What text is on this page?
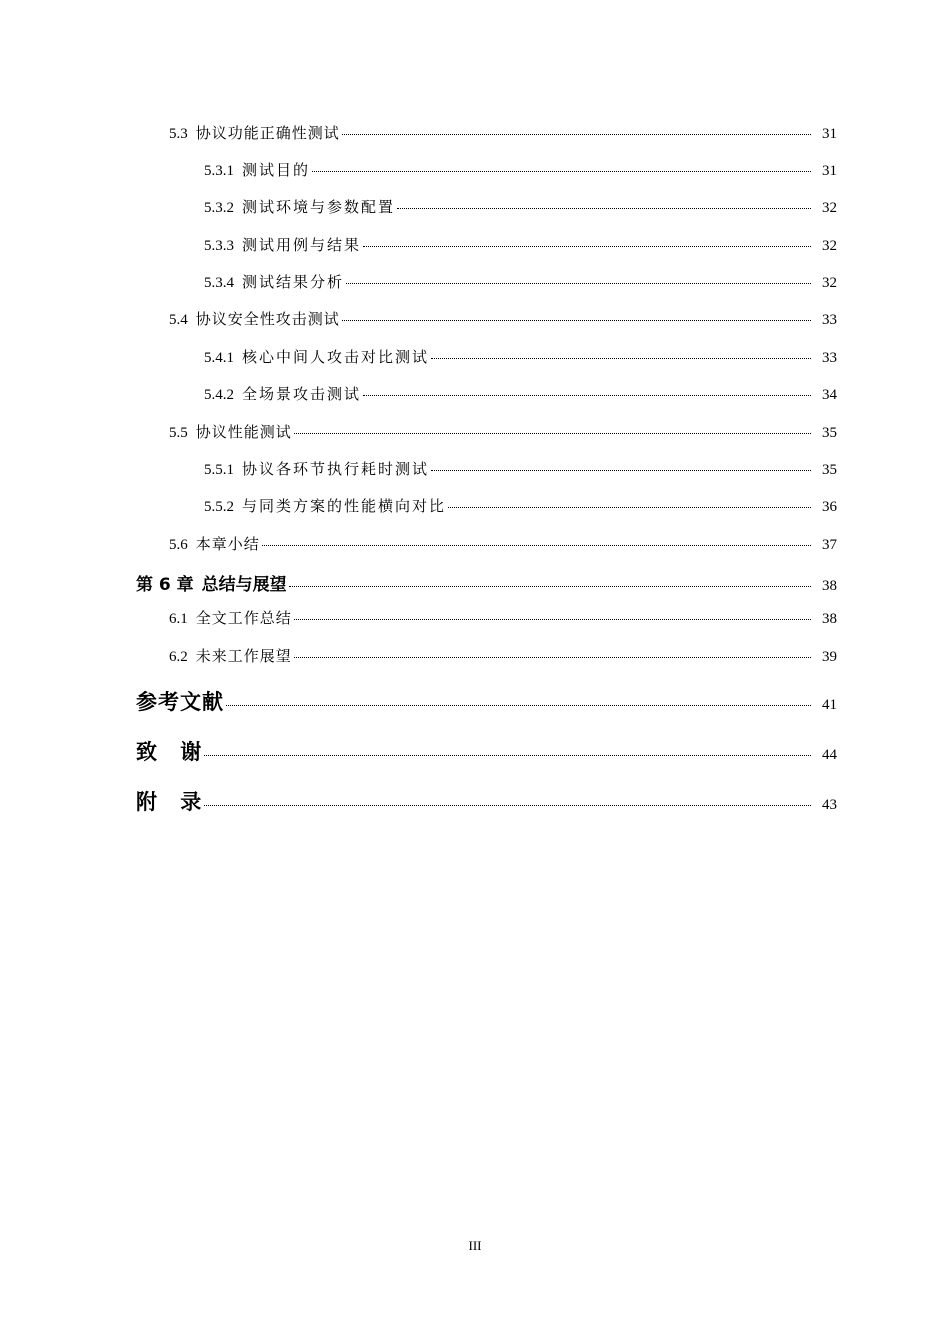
5.3 协议功能正确性测试	31
5.3.1 测试目的	31
5.3.2 测试环境与参数配置	32
5.3.3 测试用例与结果	32
5.3.4 测试结果分析	32
5.4 协议安全性攻击测试	33
5.4.1 核心中间人攻击对比测试	33
5.4.2 全场景攻击测试	34
5.5 协议性能测试	35
5.5.1 协议各环节执行耗时测试	35
5.5.2 与同类方案的性能横向对比	36
5.6 本章小结	37
第 6 章 总结与展望	38
6.1 全文工作总结	38
6.2 未来工作展望	39
参考文献	41
致 谢	44
附 录	43
III
